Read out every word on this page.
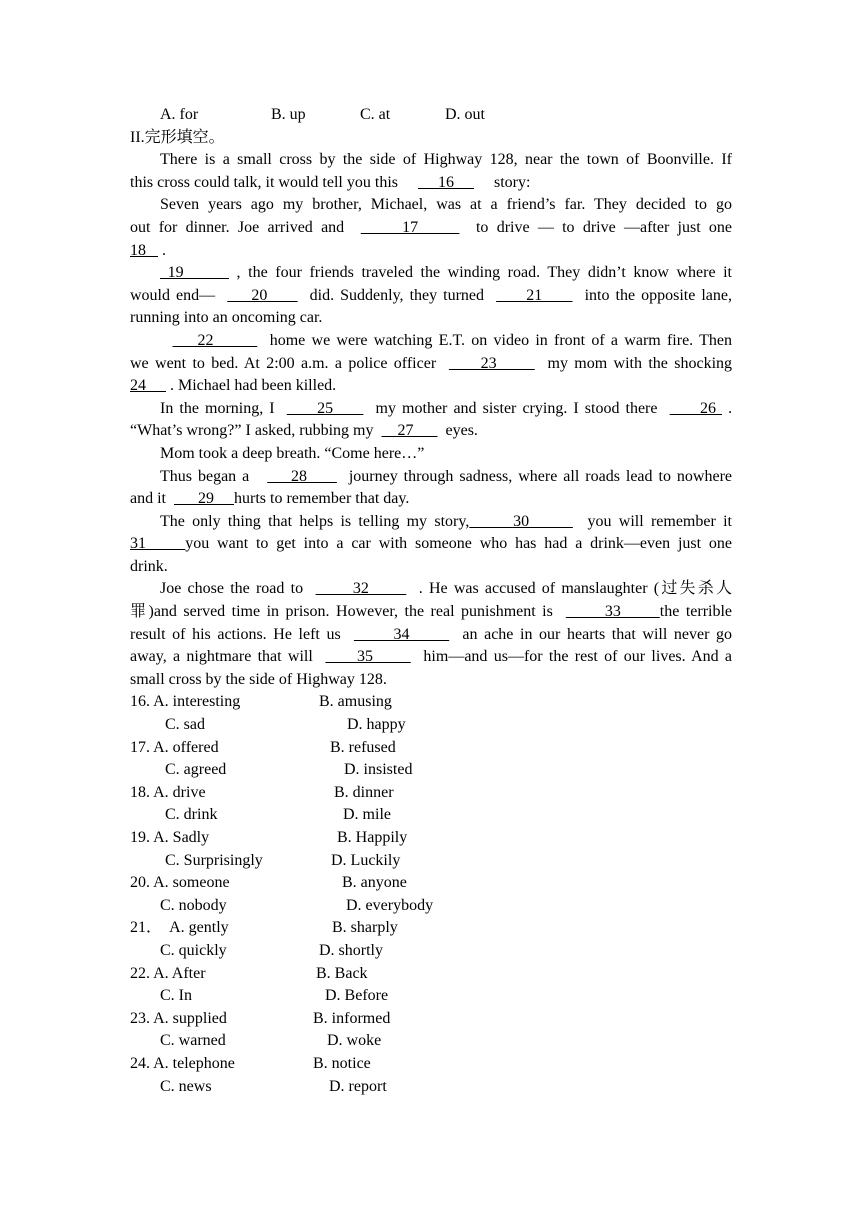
A. for	B. up	C. at	D. out
II.完形填空。
There is a small cross by the side of Highway 128, near the town of Boonville. If
this cross could talk, it would tell you this          16          story:
Seven years ago my brother, Michael, was at a friend’s far. They decided to go
out for dinner. Joe arrived and       17       to drive — to drive —after just one
18    .
19       , the four friends traveled the winding road. They didn’t know where it
would end—      20       did. Suddenly, they turned       21       into the opposite lane,
running into an oncoming car.
22         home we were watching E.T. on video in front of a warm fire. Then
we went to bed. At 2:00 a.m. a police officer       23        my mom with the shocking
24      . Michael had been killed.
In the morning, I       25       my mother and sister crying. I stood there       26  .
“What’s wrong?” I asked, rubbing my      27        eyes.
Mom took a deep breath. “Come here…”
Thus began a       28       journey through sadness, where all roads lead to nowhere
and it        29     hurts to remember that day.
The only thing that helps is telling my story,      30        you will remember it
31     you want to get into a car with someone who has had a drink—even just one
drink.
Joe chose the road to        32        . He was accused of manslaughter (过失杀人
罪)and served time in prison. However, the real punishment is        33      the terrible
result of his actions. He left us        34        an ache in our hearts that will never go
away, a nightmare that will       35        him—and us—for the rest of our lives. And a
small cross by the side of Highway 128.
16. A. interesting	B. amusing
C. sad	D. happy
17. A. offered	B. refused
C. agreed	D. insisted
18. A. drive	B. dinner
C. drink	D. mile
19. A. Sadly	B. Happily
C. Surprisingly	D. Luckily
20. A. someone	B. anyone
C. nobody	D. everybody
21．  A. gently	B. sharply
C. quickly	D. shortly
22. A. After	B. Back
C. In	D. Before
23. A. supplied	B. informed
C. warned	D. woke
24. A. telephone	B. notice
C. news	D. report
